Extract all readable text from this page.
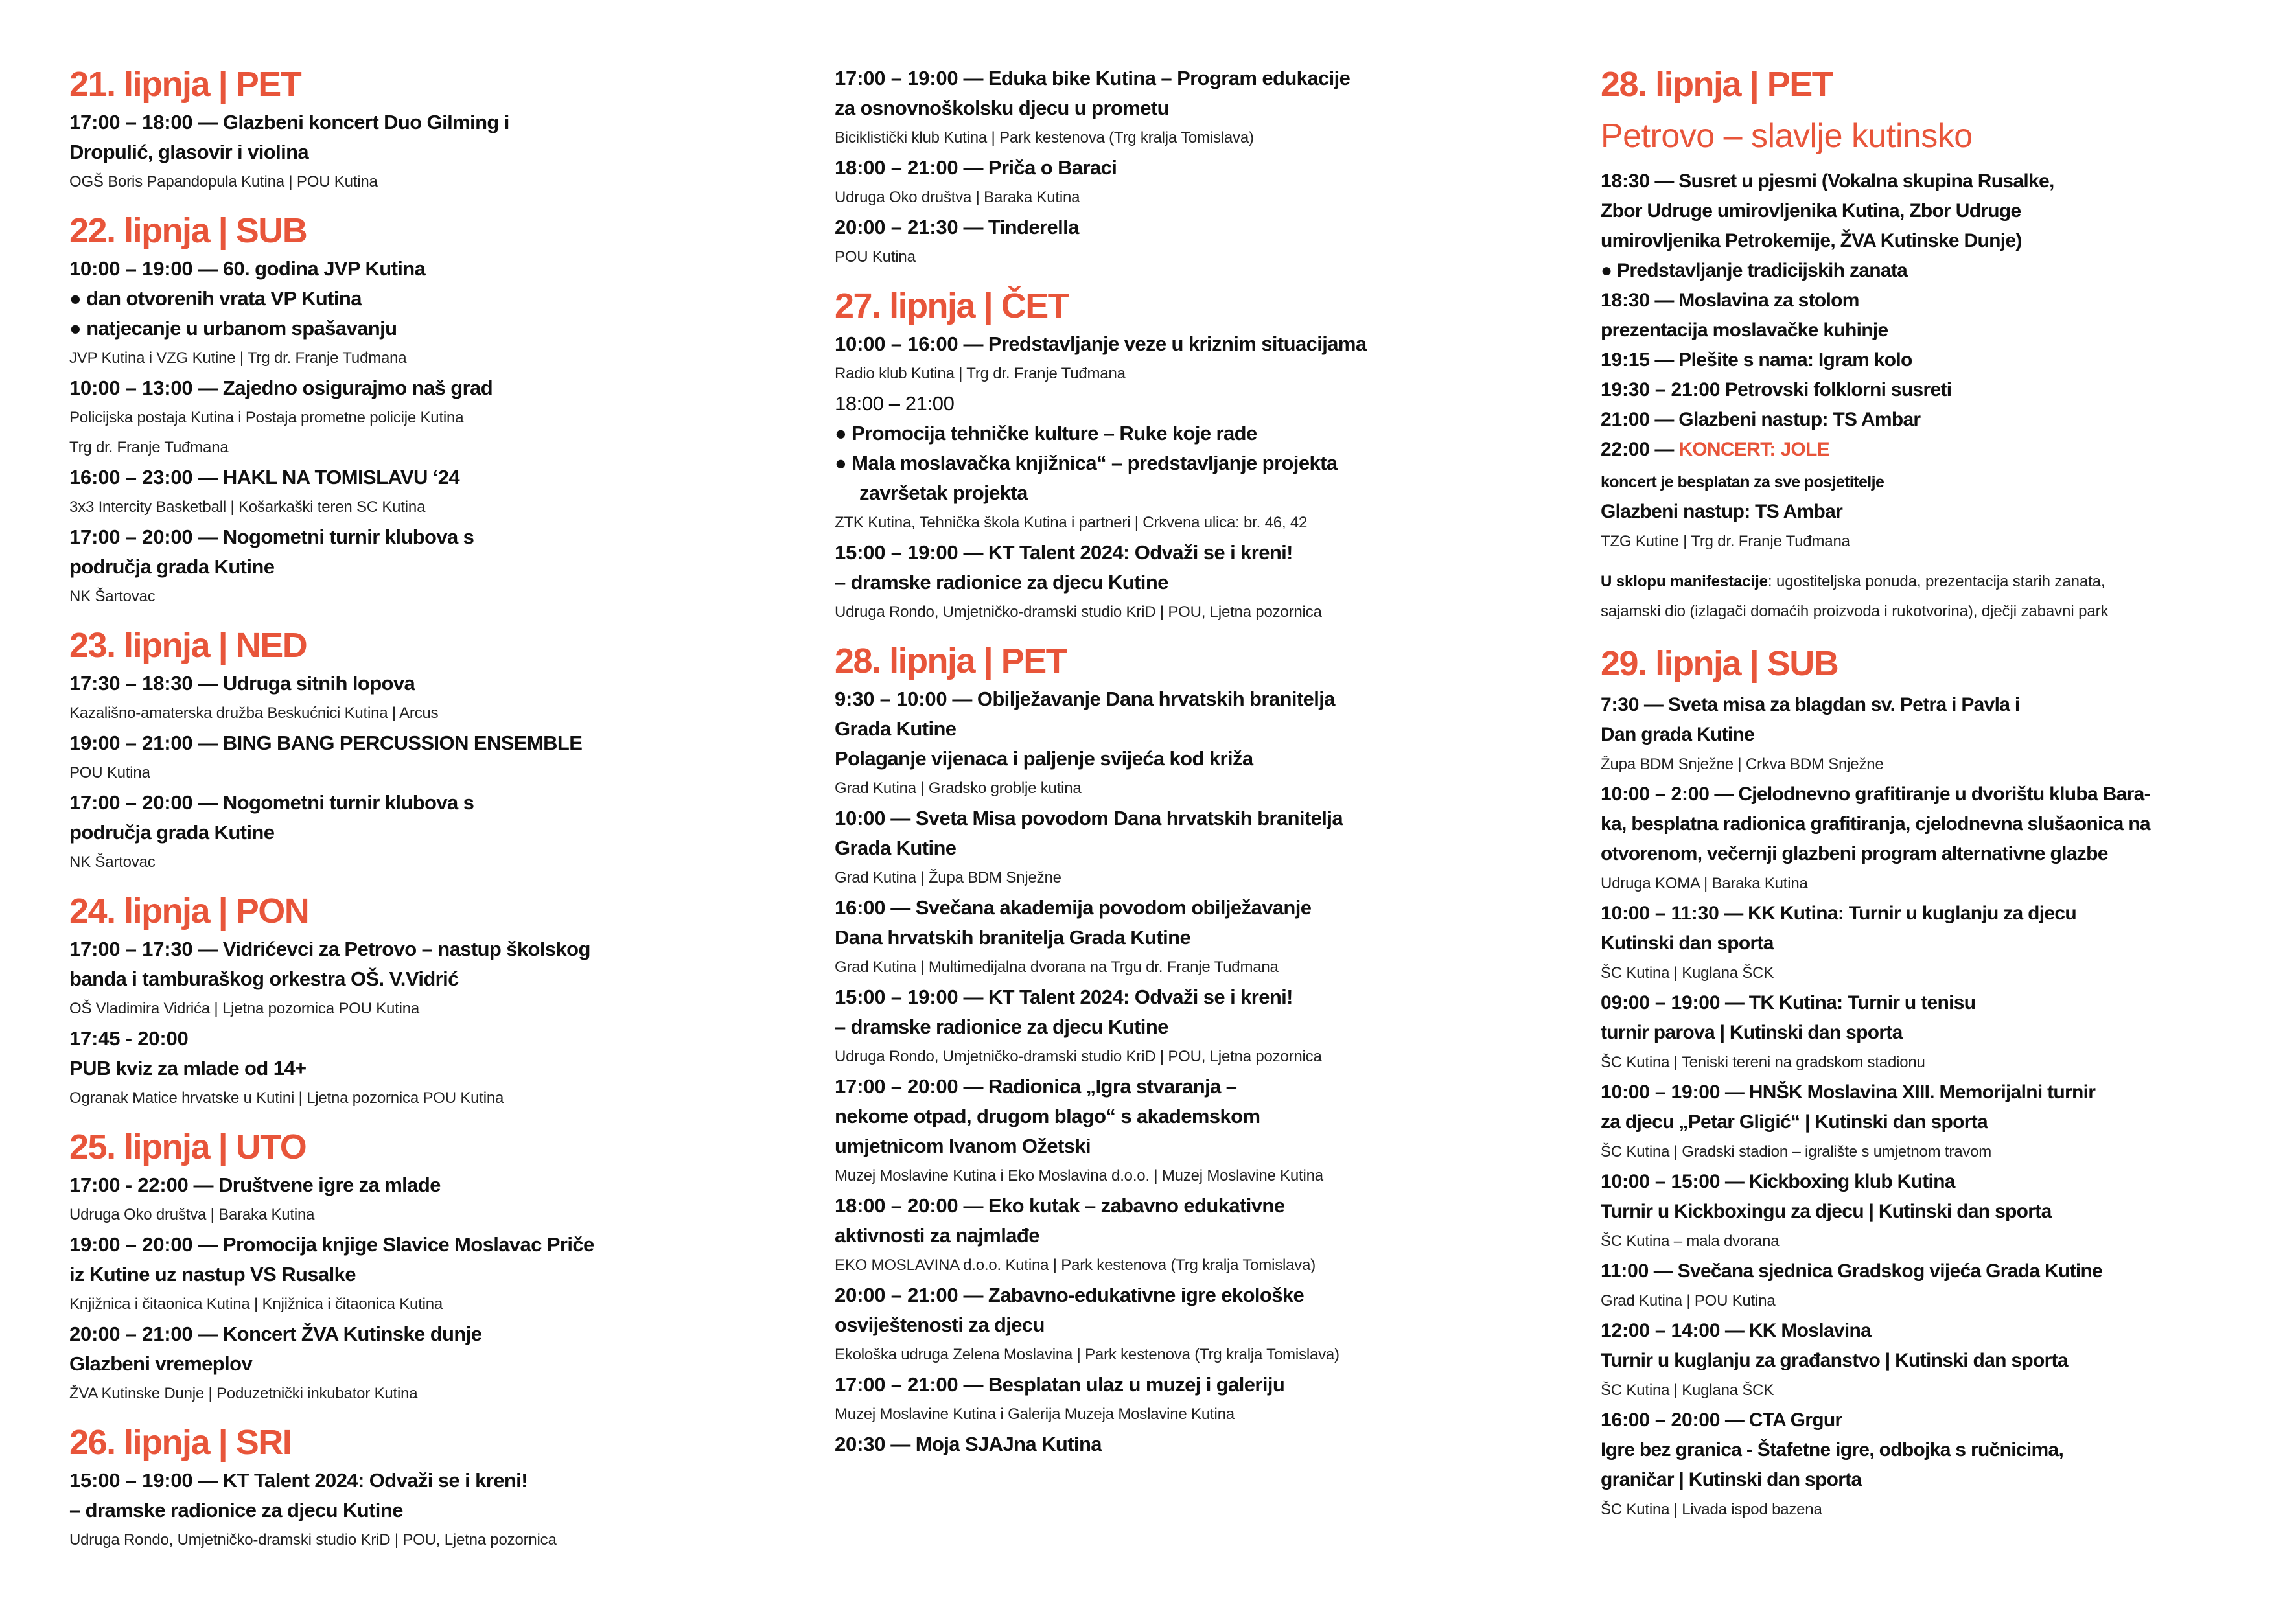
21. lipnja | PET
17:00 – 18:00 — Glazbeni koncert Duo Gilming i
Dropulić, glasovir i violina
OGŠ Boris Papandopula Kutina | POU Kutina
22. lipnja | SUB
10:00 – 19:00 — 60. godina JVP Kutina
● dan otvorenih vrata VP Kutina
● natjecanje u urbanom spašavanju
JVP Kutina i VZG Kutine | Trg dr. Franje Tuđmana
10:00 – 13:00 — Zajedno osigurajmo naš grad
Policijska postaja Kutina i Postaja prometne policije Kutina
Trg dr. Franje Tuđmana
16:00 – 23:00 — HAKL NA TOMISLAVU ‘24
3x3 Intercity Basketball | Košarkaški teren SC Kutina
17:00 – 20:00 — Nogometni turnir klubova s
područja grada Kutine
NK Šartovac
23. lipnja | NED
17:30 – 18:30 — Udruga sitnih lopova
Kazališno-amaterska družba Beskućnici Kutina | Arcus
19:00 – 21:00 — BING BANG PERCUSSION ENSEMBLE
POU Kutina
17:00 – 20:00 — Nogometni turnir klubova s
područja grada Kutine
NK Šartovac
24. lipnja | PON
17:00 – 17:30 — Vidrićevci za Petrovo – nastup školskog
banda i tamburaškog orkestra OŠ. V.Vidrić
OŠ Vladimira Vidrića | Ljetna pozornica POU Kutina
17:45 - 20:00
PUB kviz za mlade od 14+
Ogranak Matice hrvatske u Kutini | Ljetna pozornica POU Kutina
25. lipnja | UTO
17:00 - 22:00 — Društvene igre za mlade
Udruga Oko društva | Baraka Kutina
19:00 – 20:00 — Promocija knjige Slavice Moslavac Priče
iz Kutine uz nastup VS Rusalke
Knjižnica i čitaonica Kutina | Knjižnica i čitaonica Kutina
20:00 – 21:00 — Koncert ŽVA Kutinske dunje
Glazbeni vremeplov
ŽVA Kutinske Dunje | Poduzetnički inkubator Kutina
26. lipnja | SRI
15:00 – 19:00 — KT Talent 2024: Odvaži se i kreni!
– dramske radionice za djecu Kutine
Udruga Rondo, Umjetničko-dramski studio KriD | POU, Ljetna pozornica
17:00 – 19:00 — Eduka bike Kutina – Program edukacije
za osnovnoškolsku djecu u prometu
Biciklistički klub Kutina | Park kestenova (Trg kralja Tomislava)
18:00 – 21:00 — Priča o Baraci
Udruga Oko društva | Baraka Kutina
20:00 – 21:30 — Tinderella
POU Kutina
27. lipnja | ČET
10:00 – 16:00 — Predstavljanje veze u kriznim situacijama
Radio klub Kutina | Trg dr. Franje Tuđmana
18:00 – 21:00
● Promocija tehničke kulture – Ruke koje rade
● Mala moslavačka knjižnica“ – predstavljanje projekta
završetak projekta
ZTK Kutina, Tehnička škola Kutina i partneri | Crkvena ulica: br. 46, 42
15:00 – 19:00 — KT Talent 2024: Odvaži se i kreni!
– dramske radionice za djecu Kutine
Udruga Rondo, Umjetničko-dramski studio KriD | POU, Ljetna pozornica
28. lipnja | PET
9:30 – 10:00 — Obilježavanje Dana hrvatskih branitelja
Grada Kutine
Polaganje vijenaca i paljenje svijeća kod križa
Grad Kutina | Gradsko groblje kutina
10:00 — Sveta Misa povodom Dana hrvatskih branitelja
Grada Kutine
Grad Kutina | Župa BDM Snježne
16:00 — Svečana akademija povodom obilježavanje
Dana hrvatskih branitelja Grada Kutine
Grad Kutina | Multimedijalna dvorana na Trgu dr. Franje Tuđmana
15:00 – 19:00 — KT Talent 2024: Odvaži se i kreni!
– dramske radionice za djecu Kutine
Udruga Rondo, Umjetničko-dramski studio KriD | POU, Ljetna pozornica
17:00 – 20:00 — Radionica „Igra stvaranja –
nekome otpad, drugom blago“ s akademskom
umjetnicom Ivanom Ožetski
Muzej Moslavine Kutina i Eko Moslavina d.o.o. | Muzej Moslavine Kutina
18:00 – 20:00 — Eko kutak – zabavno edukativne
aktivnosti za najmlađe
EKO MOSLAVINA d.o.o. Kutina | Park kestenova (Trg kralja Tomislava)
20:00 – 21:00 — Zabavno-edukativne igre ekološke
osviještenosti za djecu
Ekološka udruga Zelena Moslavina | Park kestenova (Trg kralja Tomislava)
17:00 – 21:00 — Besplatan ulaz u muzej i galeriju
Muzej Moslavine Kutina i Galerija Muzeja Moslavine Kutina
20:30 — Moja SJAJna Kutina
28. lipnja | PET
Petrovo – slavlje kutinsko
18:30 — Susret u pjesmi (Vokalna skupina Rusalke,
Zbor Udruge umirovljenika Kutina, Zbor Udruge
umirovljenika Petrokemije, ŽVA Kutinske Dunje)
● Predstavljanje tradicijskih zanata
18:30 — Moslavina za stolom
prezentacija moslavačke kuhinje
19:15 — Plešite s nama: Igram kolo
19:30 – 21:00 Petrovski folklorni susreti
21:00 — Glazbeni nastup: TS Ambar
22:00 — KONCERT: JOLE
koncert je besplatan za sve posjetitelje
Glazbeni nastup: TS Ambar
TZG Kutine | Trg dr. Franje Tuđmana
U sklopu manifestacije: ugostiteljska ponuda, prezentacija starih zanata,
sajamski dio (izlagači domaćih proizvoda i rukotvorina), dječji zabavni park
29. lipnja | SUB
7:30 — Sveta misa za blagdan sv. Petra i Pavla i
Dan grada Kutine
Župa BDM Snježne | Crkva BDM Snježne
10:00 – 2:00 — Cjelodnevno grafitiranje u dvorištu kluba Bara-
ka, besplatna radionica grafitiranja, cjelodnevna slušaonica na
otvorenom, večernji glazbeni program alternativne glazbe
Udruga KOMA | Baraka Kutina
10:00 – 11:30 — KK Kutina: Turnir u kuglanju za djecu
Kutinski dan sporta
ŠC Kutina | Kuglana ŠCK
09:00 – 19:00 — TK Kutina: Turnir u tenisu
turnir parova | Kutinski dan sporta
ŠC Kutina | Teniski tereni na gradskom stadionu
10:00 – 19:00 — HNŠK Moslavina XIII. Memorijalni turnir
za djecu „Petar Gligić“ | Kutinski dan sporta
ŠC Kutina | Gradski stadion – igralište s umjetnom travom
10:00 – 15:00 — Kickboxing klub Kutina
Turnir u Kickboxingu za djecu | Kutinski dan sporta
ŠC Kutina – mala dvorana
11:00 — Svečana sjednica Gradskog vijeća Grada Kutine
Grad Kutina | POU Kutina
12:00 – 14:00 — KK Moslavina
Turnir u kuglanju za građanstvo | Kutinski dan sporta
ŠC Kutina | Kuglana ŠCK
16:00 – 20:00 — CTA Grgur
Igre bez granica - Štafetne igre, odbojka s ručnicima,
graničar | Kutinski dan sporta
ŠC Kutina | Livada ispod bazena
